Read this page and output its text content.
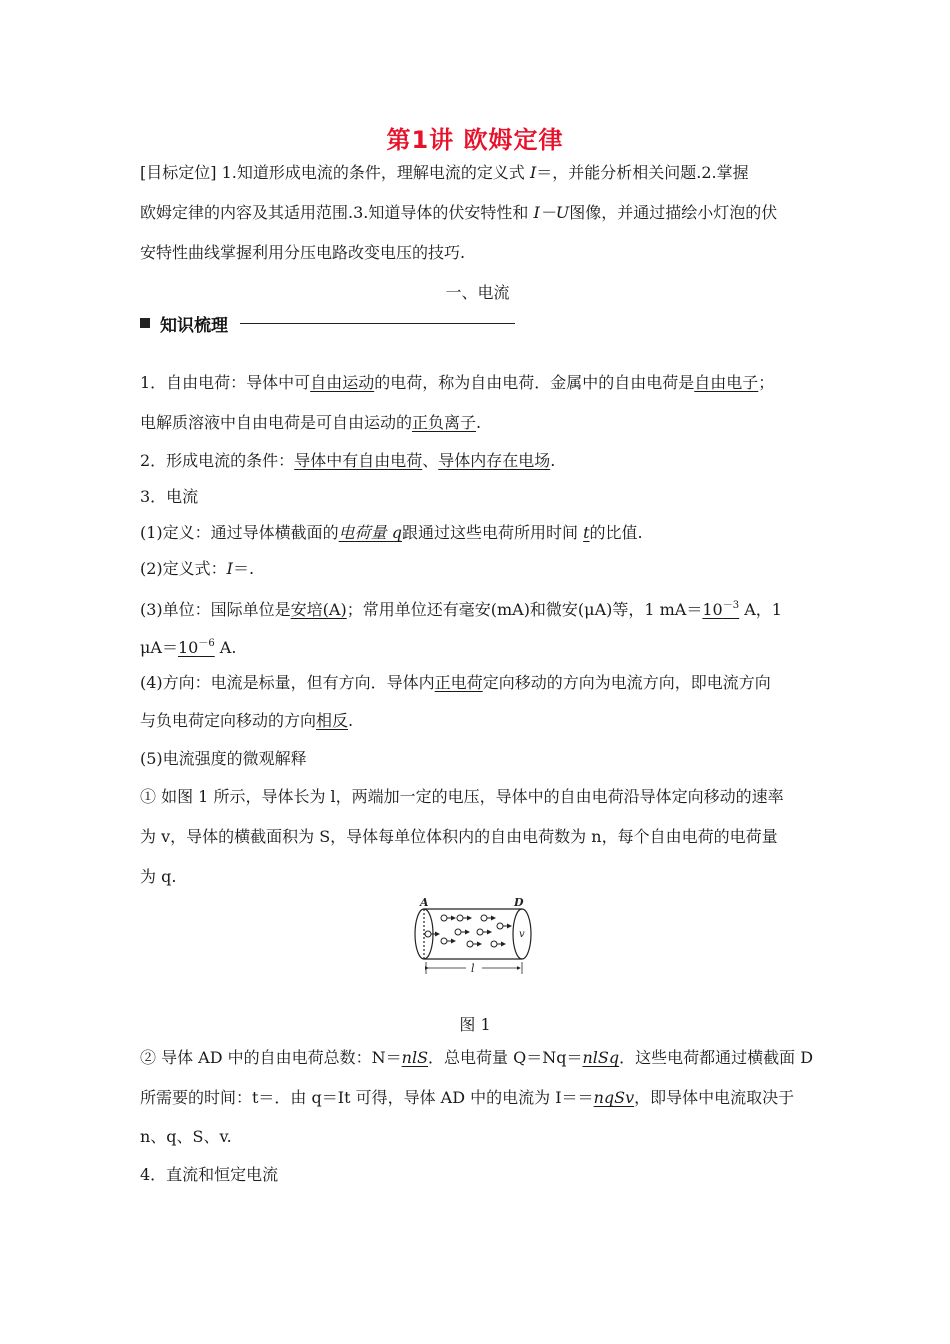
第1讲 欧姆定律
[目标定位] 1.知道形成电流的条件，理解电流的定义式 I＝，并能分析相关问题.2.掌握
欧姆定律的内容及其适用范围.3.知道导体的伏安特性和 I－U图像，并通过描绘小灯泡的伏
安特性曲线掌握利用分压电路改变电压的技巧.
一、电流
知识梳理
1．自由电荷：导体中可自由运动的电荷，称为自由电荷．金属中的自由电荷是自由电子；
电解质溶液中自由电荷是可自由运动的正负离子.
2．形成电流的条件：导体中有自由电荷、导体内存在电场.
3．电流
(1)定义：通过导体横截面的电荷量 q跟通过这些电荷所用时间 t的比值.
(2)定义式：I＝.
(3)单位：国际单位是安培(A)；常用单位还有毫安(mA)和微安(μA)等，1 $mA=10^{-3}$ A，1
$\mu A=10^{-6}$ A.
(4)方向：电流是标量，但有方向．导体内正电荷定向移动的方向为电流方向，即电流方向
与负电荷定向移动的方向相反.
(5)电流强度的微观解释
① 如图 1 所示，导体长为 l，两端加一定的电压，导体中的自由电荷沿导体定向移动的速率
为 v，导体的横截面积为 S，导体每单位体积内的自由电荷数为 n，每个自由电荷的电荷量
为 q.
A	D
v
l
图 1
② 导体 AD 中的自由电荷总数：N＝nlS．总电荷量 Q＝Nq＝nlSq．这些电荷都通过横截面 D
所需要的时间：t＝．由 q＝It 可得，导体 AD 中的电流为 I＝＝nqSv，即导体中电流取决于
n、q、S、v.
4．直流和恒定电流
